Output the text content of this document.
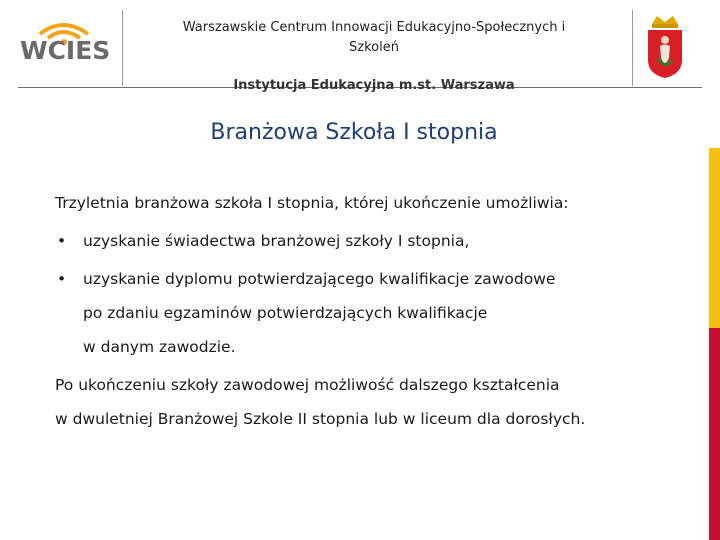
WCIES
Warszawskie Centrum Innowacji Edukacyjno-Społecznych i
Szkoleń
Instytucja Edukacyjna m.st. Warszawa
Branżowa Szkoła I stopnia
Trzyletnia branżowa szkoła I stopnia, której ukończenie umożliwia:
• uzyskanie świadectwa branżowej szkoły I stopnia,
• uzyskanie dyplomu potwierdzającego kwalifikacje zawodowe
po zdaniu egzaminów potwierdzających kwalifikacje
w danym zawodzie.
Po ukończeniu szkoły zawodowej możliwość dalszego kształcenia
w dwuletniej Branżowej Szkole II stopnia lub w liceum dla dorosłych.
